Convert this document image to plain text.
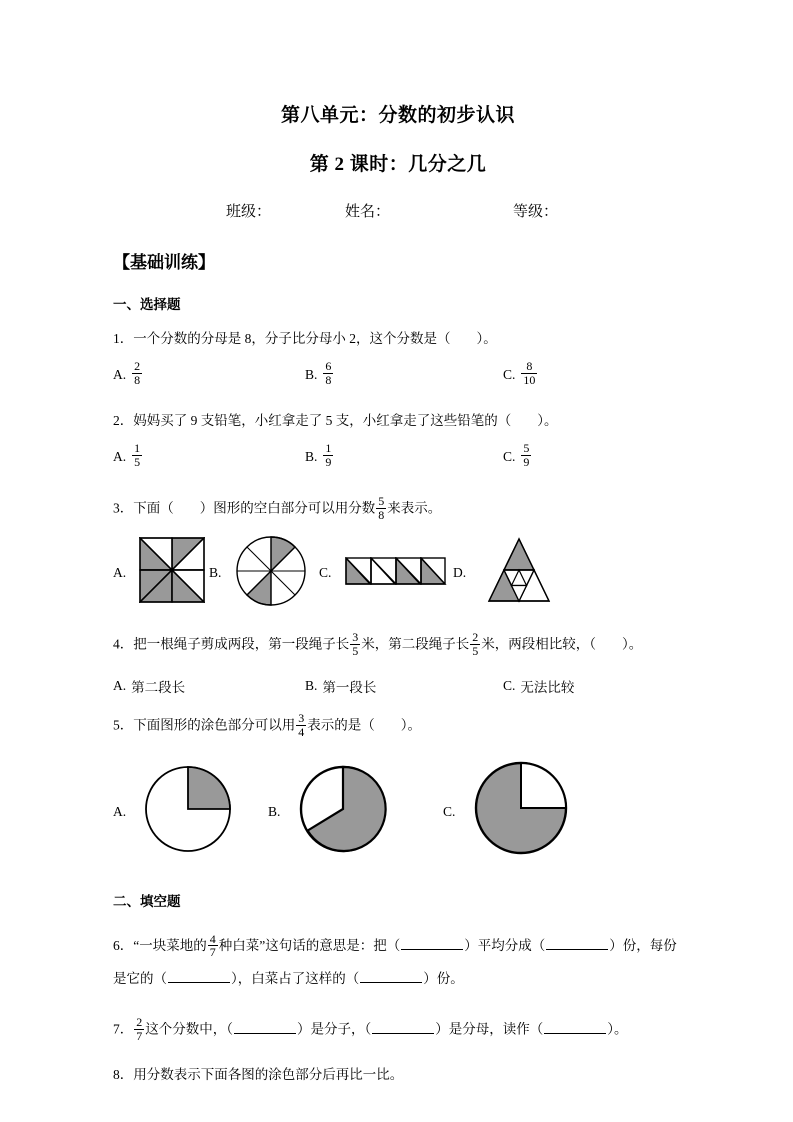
第八单元：分数的初步认识
第 2 课时：几分之几
班级：	姓名：	等级：
【基础训练】
一、选择题
1．一个分数的分母是 8，分子比分母小 2，这个分数是（ ）。
A. $\frac{2}{8}$	B. $\frac{6}{8}$	C. $\frac{8}{10}$
2．妈妈买了 9 支铅笔，小红拿走了 5 支，小红拿走了这些铅笔的（ ）。
A. $\frac{1}{5}$	B. $\frac{1}{9}$	C. $\frac{5}{9}$
3．下面（ ）图形的空白部分可以用分数 $\frac{5}{8}$ 来表示。
A.	B.	C.	D.
4．把一根绳子剪成两段，第一段绳子长 $\frac{3}{5}$ 米，第二段绳子长 $\frac{2}{5}$ 米，两段相比较，（ ）。
A. 第二段长	B. 第一段长	C. 无法比较
5．下面图形的涂色部分可以用 $\frac{3}{4}$ 表示的是（ ）。
A.	B.	C.
二、填空题
6．“一块菜地的 $\frac{4}{7}$ 种白菜”这句话的意思是：把（	）平均分成（	）份，每份是它的（	），白菜占了这样的（	）份。
7． $\frac{2}{7}$ 这个分数中，（	）是分子，（	）是分母，读作（	）。
8．用分数表示下面各图的涂色部分后再比一比。
